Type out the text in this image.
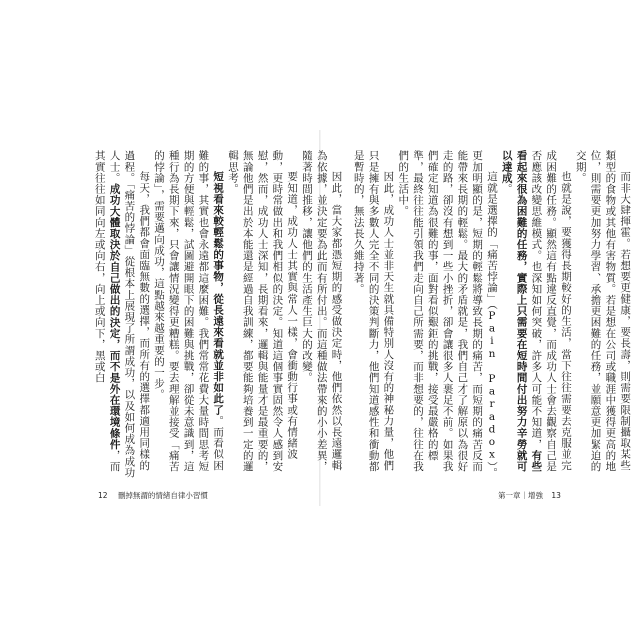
而非大肆揮霍。若想要更健康，要長壽，則需要限制攝取某些類型的食物或其他有害物質。若是想在公司或職涯中獲得更高的地位，則需要更加努力學習、承擔更困難的任務，並願意更加緊迫的交期。

也就是說，要獲得長期較好的生活，當下往往需要去克服並完成困難的任務。顯然這有點違反直覺，而成功人士會去觀察自己是否應該改變思維模式。也深知如何突破，許多人可能不知道，有些看起來很為困難的任務，實際上只需要在短時間付出努力辛勞就可以達成。

這就是選擇的「痛苦悖論」（Pain Paradox）。更加明顯的是，短期的輕鬆將導致長期的痛苦，而短期的痛苦反而能帶來長期的輕鬆。最大的矛盾就是，我們自己才了解原以為很好走的路，卻沒有想到一些小挫折，卻會讓很多人裹足不前。如果我們確定知道為很難的事，面對看似艱鉅的挑戰，接受最嚴格的標準，最終往往能引領我們走向自己所需要，而非想要的，往往在我們的生活中。

因此，成功人士並非天生就具備特別人沒有的神秘力量，他們只是擁有與多數人完全不同的決策判斷力，他們知道感性和衝動都是暫時的，無法長久維持著。

因此，當大家都憑短期的感受做決定時，他們依然以長遠邏輯為依據，並決定要為此而有所付出。而這種做法帶來的小小差異，隨著時間推移，讓他們的生活產生巨大的改變。

要知道，成功人士其實與常人一樣，會衝動行事或有情緒波動，更時常做出和我們相似的決定。知道這個事實固然令人感到安慰，然而，成功人士深知，長期看來，邏輯與能量才是最重要的，無論他們是出於本能還是經過自我訓練，都要能夠培養到一定的邏輯思考。

短視看來較輕鬆的事物，從長遠來看就並非如此了。而看似困難的事，其實也會永遠都這麼困難。我們常常花費大量時間思考短期的方便與輕鬆，試圖避開眼下的困難與挑戰，卻從未意識到，這種行為長期下來，只會讓情況變得更糟糕。要去理解並接受「痛苦的悖論」，需要邁向成功，這點越來越重要的一步。

每天，我們都會面臨無數的選擇，而所有的選擇都適用同樣的過程。「痛苦的悖論」從根本上展現了所謂成功，以及如何成為成功人士。成功大體取決於自己做出的決定，而不是外在環境條件，而其實往往如同向左或向右，向上或向下，黑或白

12 刪掉無謂的情緒自律小習慣	第一章｜增強 13
